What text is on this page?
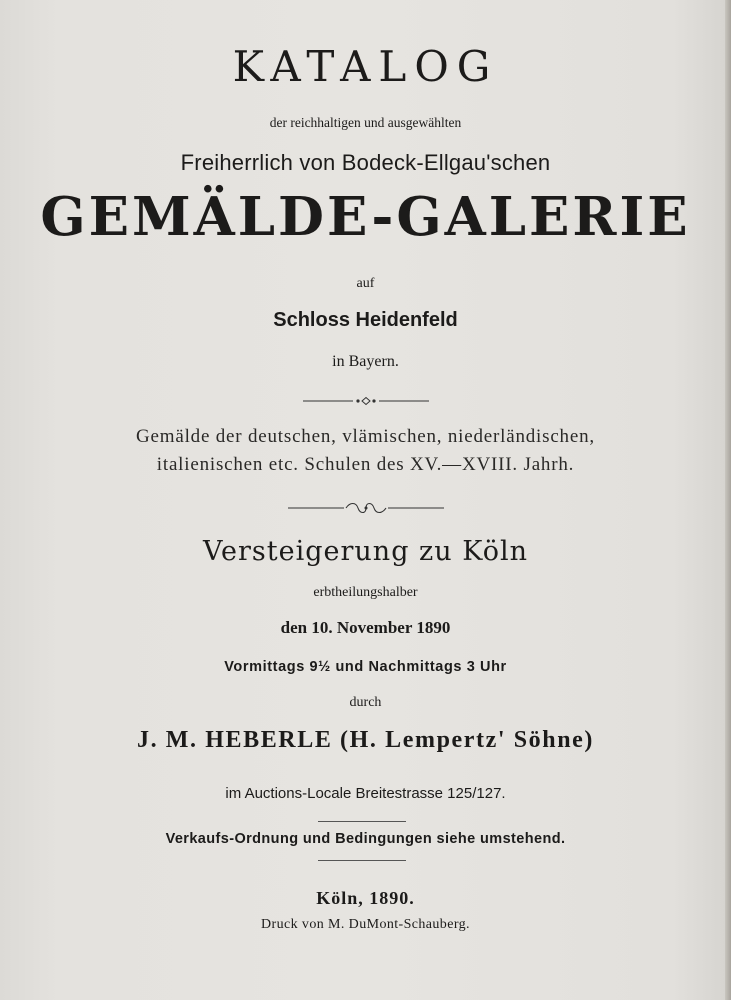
KATALOG
der reichhaltigen und ausgewählten
Freiherrlich von Bodeck-Ellgau'schen
GEMÄLDE-GALERIE
auf
Schloss Heidenfeld
in Bayern.
Gemälde der deutschen, vlämischen, niederländischen,
italienischen etc. Schulen des XV.—XVIII. Jahrh.
Versteigerung zu Köln
erbtheilungshalber
den 10. November 1890
Vormittags 9½ und Nachmittags 3 Uhr
durch
J. M. HEBERLE (H. Lempertz' Söhne)
im Auctions-Locale Breitestrasse 125/127.
Verkaufs-Ordnung und Bedingungen siehe umstehend.
Köln, 1890.
Druck von M. DuMont-Schauberg.
